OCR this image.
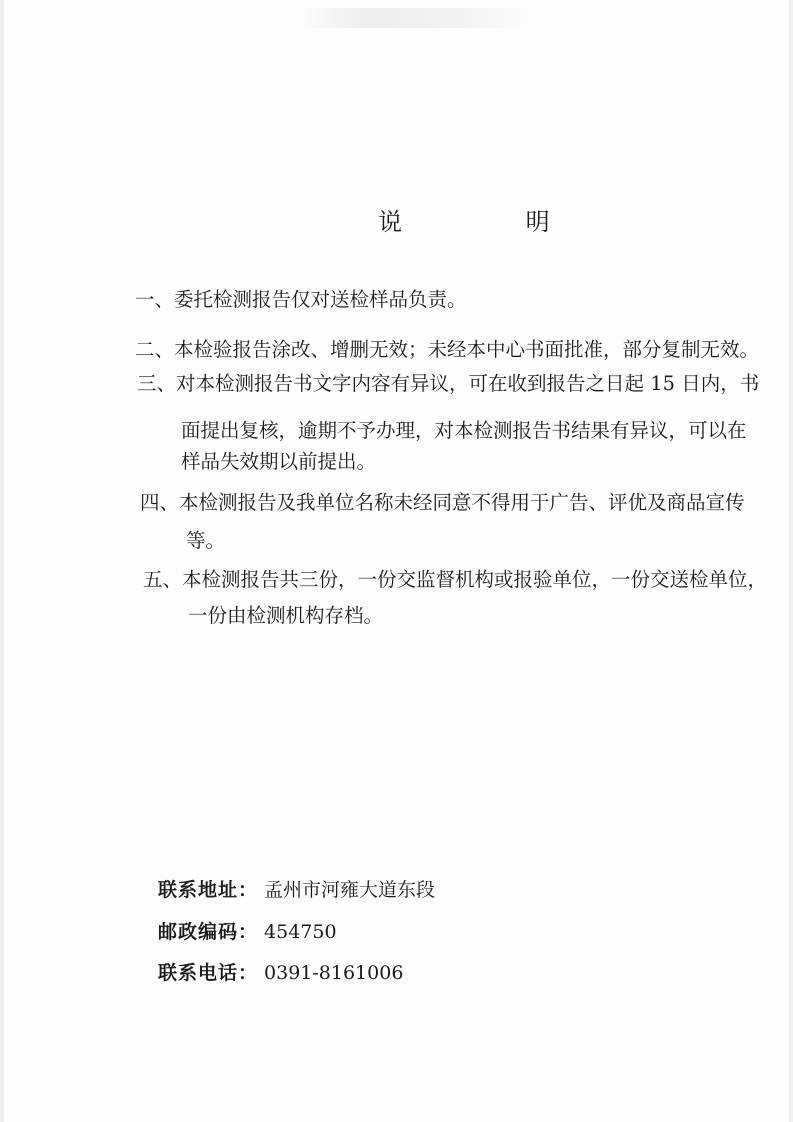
说 明
一、委托检测报告仅对送检样品负责。
二、本检验报告涂改、增删无效；未经本中心书面批准，部分复制无效。
三、对本检测报告书文字内容有异议，可在收到报告之日起 15 日内，书
面提出复核，逾期不予办理，对本检测报告书结果有异议，可以在
样品失效期以前提出。
四、本检测报告及我单位名称未经同意不得用于广告、评优及商品宣传
等。
五、本检测报告共三份，一份交监督机构或报验单位，一份交送检单位，
一份由检测机构存档。
联系地址： 孟州市河雍大道东段
邮政编码： 454750
联系电话： 0391-8161006
